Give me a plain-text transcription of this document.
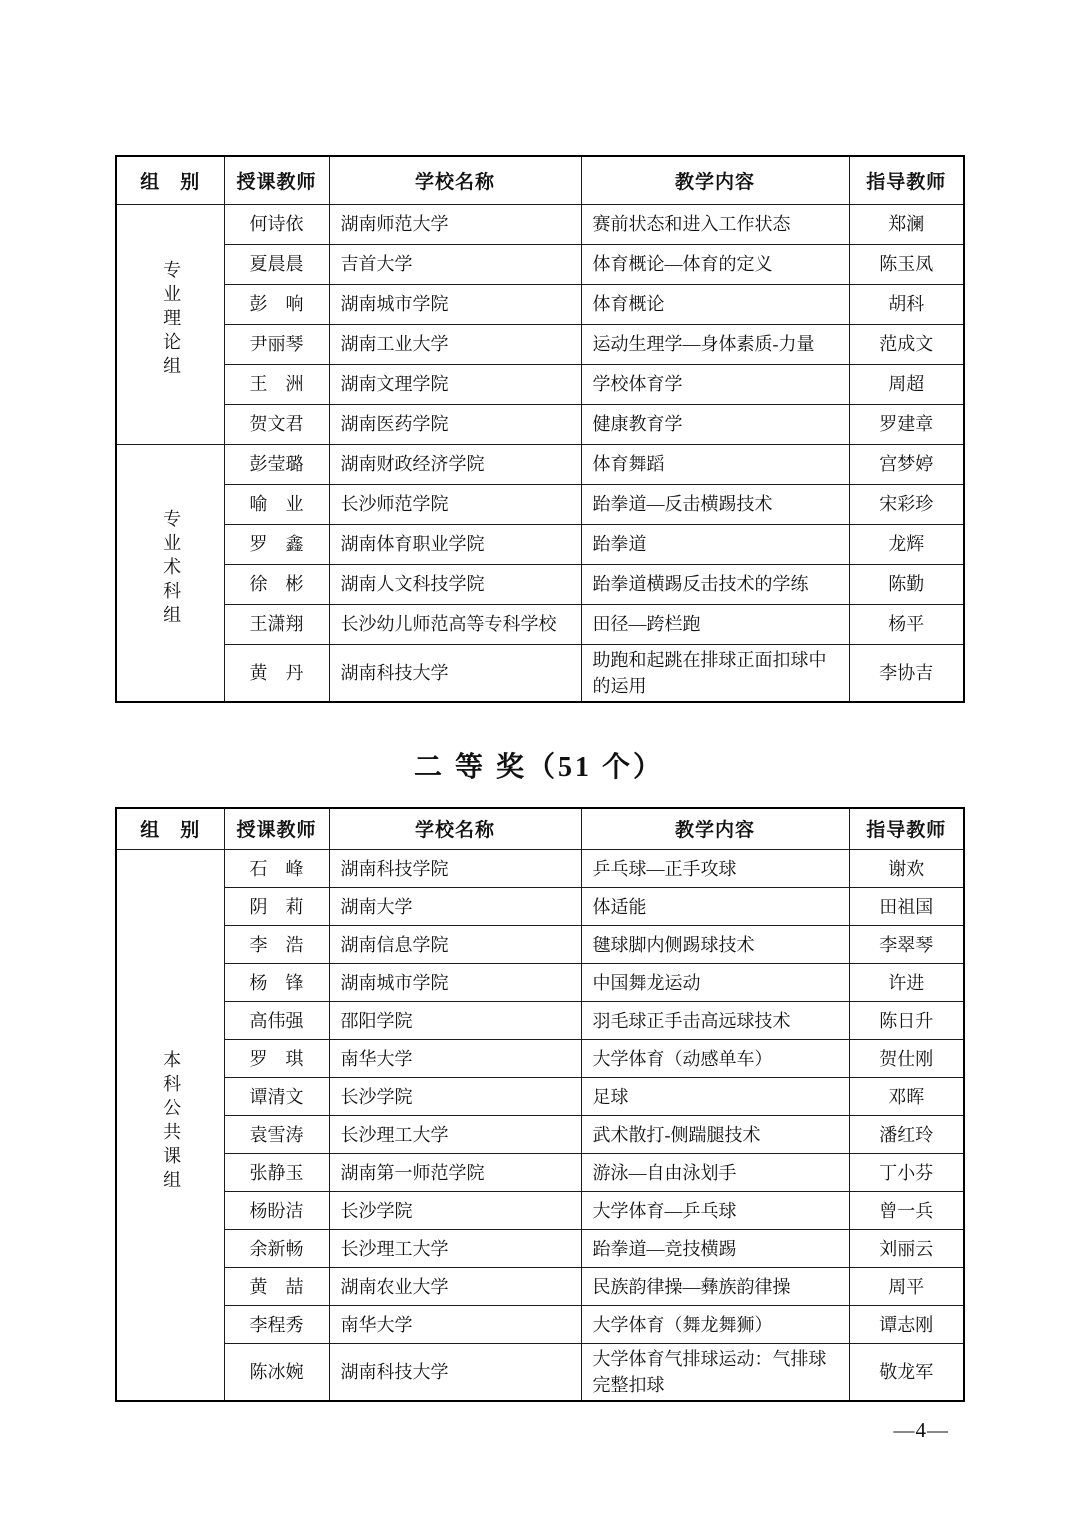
组　别	授课教师	学校名称	教学内容	指导教师
专业理论组	何诗依	湖南师范大学	赛前状态和进入工作状态	郑澜
	夏晨晨	吉首大学	体育概论—体育的定义	陈玉凤
	彭　响	湖南城市学院	体育概论	胡科
	尹丽琴	湖南工业大学	运动生理学—身体素质-力量	范成文
	王　洲	湖南文理学院	学校体育学	周超
	贺文君	湖南医药学院	健康教育学	罗建章
专业术科组	彭莹璐	湖南财政经济学院	体育舞蹈	宫梦婷
	喻　业	长沙师范学院	跆拳道—反击横踢技术	宋彩珍
	罗　鑫	湖南体育职业学院	跆拳道	龙辉
	徐　彬	湖南人文科技学院	跆拳道横踢反击技术的学练	陈勤
	王潇翔	长沙幼儿师范高等专科学校	田径—跨栏跑	杨平
	黄　丹	湖南科技大学	助跑和起跳在排球正面扣球中的运用	李协吉
二 等 奖（51 个）
组　别	授课教师	学校名称	教学内容	指导教师
本科公共课组	石　峰	湖南科技学院	乒乓球—正手攻球	谢欢
	阴　莉	湖南大学	体适能	田祖国
	李　浩	湖南信息学院	毽球脚内侧踢球技术	李翠琴
	杨　锋	湖南城市学院	中国舞龙运动	许进
	高伟强	邵阳学院	羽毛球正手击高远球技术	陈日升
	罗　琪	南华大学	大学体育（动感单车）	贺仕刚
	谭清文	长沙学院	足球	邓晖
	袁雪涛	长沙理工大学	武术散打-侧踹腿技术	潘红玲
	张静玉	湖南第一师范学院	游泳—自由泳划手	丁小芬
	杨盼洁	长沙学院	大学体育—乒乓球	曾一兵
	余新畅	长沙理工大学	跆拳道—竞技横踢	刘丽云
	黄　喆	湖南农业大学	民族韵律操—彝族韵律操	周平
	李程秀	南华大学	大学体育（舞龙舞狮）	谭志刚
	陈冰婉	湖南科技大学	大学体育气排球运动：气排球完整扣球	敬龙军
—4—
